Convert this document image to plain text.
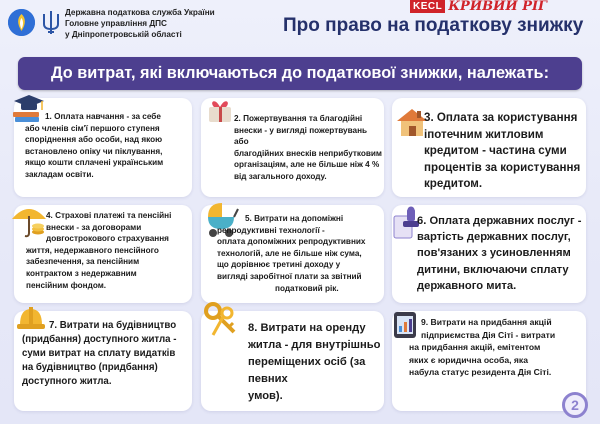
Державна податкова служба України
Головне управління ДПС
у Дніпропетровській області	Про право на податкову знижку
KECL КРИВИЙ РІГ
До витрат, які включаються до податкової знижки, належать:
1. Оплата навчання - за себе
або членів сім'ї першого ступеня
споріднення або особи, над якою
встановлено опіку чи піклування,
якщо кошти сплачені українським
закладам освіти.
2. Пожертвування та благодійні
внески - у вигляді пожертвувань або
благодійних внесків неприбутковим
організаціям, але не більше ніж 4 %
від загального доходу.
3. Оплата за користування
іпотечним житловим
кредитом - частина суми
процентів за користування
кредитом.
4. Страхові платежі та пенсійні
внески - за договорами
довгострокового страхування
життя, недержавного пенсійного
забезпечення, за пенсійним
контрактом з недержавним
пенсійним фондом.
5. Витрати на допоміжні
репродуктивні технології -
оплата допоміжних репродуктивних
технологій, але не більше ніж сума,
що дорівнює третині доходу у
вигляді заробітної плати за звітний
податковий рік.
6. Оплата державних послуг -
вартість державних послуг,
пов'язаних з усиновленням
дитини, включаючи сплату
державного мита.
7. Витрати на будівництво
(придбання) доступного житла -
суми витрат на сплату видатків
на будівництво (придбання)
доступного житла.
8. Витрати на оренду
житла - для внутрішньо
переміщених осіб (за певних
умов).
9. Витрати на придбання акцій
підприємства Дія Сіті - витрати
на придбання акцій, емітентом
яких є юридична особа, яка
набула статус резидента Дія Сіті.
2
